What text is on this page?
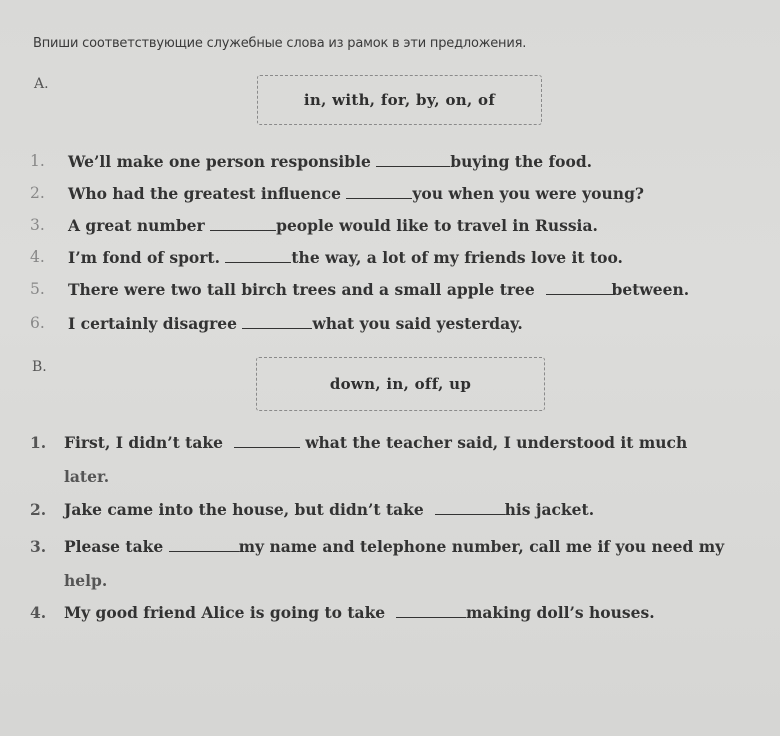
Впиши соответствующие служебные слова из рамок в эти предложения.
A.
in, with, for, by, on, of
1. We’ll make one person responsible	buying the food.
2. Who had the greatest influence	you when you were young?
3. A great number	people would like to travel in Russia.
4. I’m fond of sport.	the way, a lot of my friends love it too.
5. There were two tall birch trees and a small apple tree	between.
6. I certainly disagree	what you said yesterday.
B.
down, in, off, up
1. First, I didn’t take	what the teacher said, I understood it much
later.
2. Jake came into the house, but didn’t take	his jacket.
3. Please take	my name and telephone number, call me if you need my
help.
4. My good friend Alice is going to take	making doll’s houses.
